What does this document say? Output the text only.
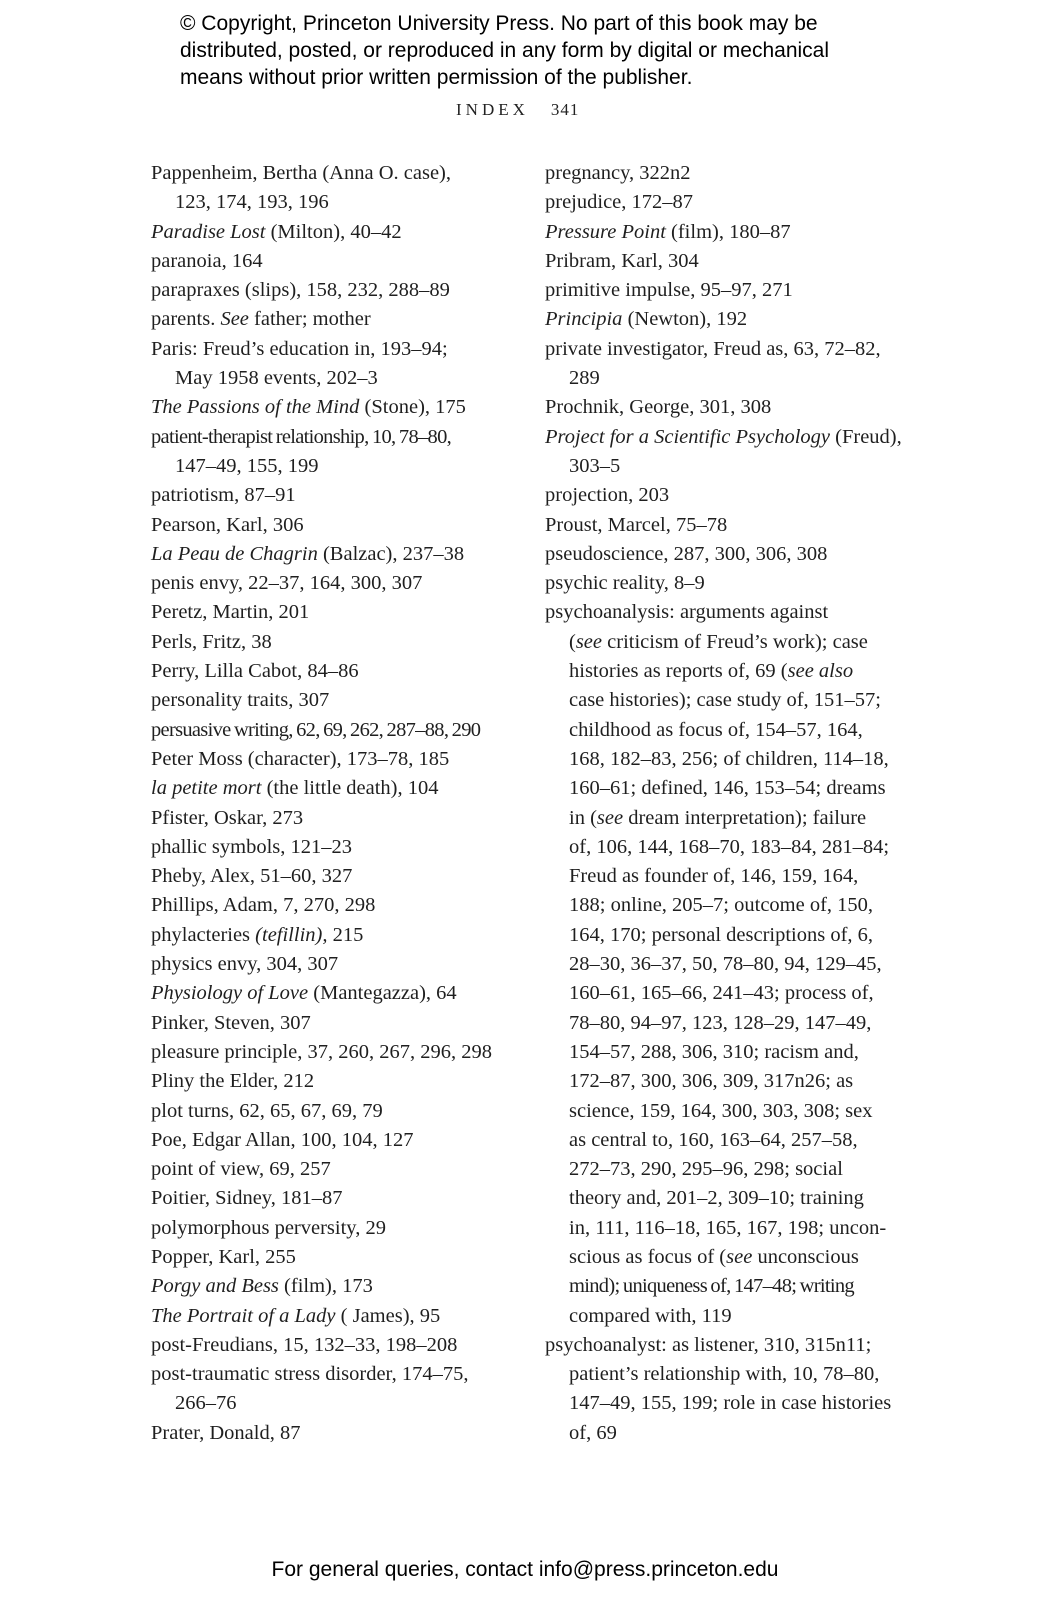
© Copyright, Princeton University Press. No part of this book may be
distributed, posted, or reproduced in any form by digital or mechanical
means without prior written permission of the publisher.
INDEX 341
Pappenheim, Bertha (Anna O. case),
123, 174, 193, 196
Paradise Lost (Milton), 40–42
paranoia, 164
parapraxes (slips), 158, 232, 288–89
parents. See father; mother
Paris: Freud’s education in, 193–94;
May 1958 events, 202–3
The Passions of the Mind (Stone), 175
patient-therapist relationship, 10, 78–80,
147–49, 155, 199
patriotism, 87–91
Pearson, Karl, 306
La Peau de Chagrin (Balzac), 237–38
penis envy, 22–37, 164, 300, 307
Peretz, Martin, 201
Perls, Fritz, 38
Perry, Lilla Cabot, 84–86
personality traits, 307
persuasive writing, 62, 69, 262, 287–88, 290
Peter Moss (character), 173–78, 185
la petite mort (the little death), 104
Pfister, Oskar, 273
phallic symbols, 121–23
Pheby, Alex, 51–60, 327
Phillips, Adam, 7, 270, 298
phylacteries (tefillin), 215
physics envy, 304, 307
Physiology of Love (Mantegazza), 64
Pinker, Steven, 307
pleasure principle, 37, 260, 267, 296, 298
Pliny the Elder, 212
plot turns, 62, 65, 67, 69, 79
Poe, Edgar Allan, 100, 104, 127
point of view, 69, 257
Poitier, Sidney, 181–87
polymorphous perversity, 29
Popper, Karl, 255
Porgy and Bess (film), 173
The Portrait of a Lady ( James), 95
post-Freudians, 15, 132–33, 198–208
post-traumatic stress disorder, 174–75,
266–76
Prater, Donald, 87
pregnancy, 322n2
prejudice, 172–87
Pressure Point (film), 180–87
Pribram, Karl, 304
primitive impulse, 95–97, 271
Principia (Newton), 192
private investigator, Freud as, 63, 72–82,
289
Prochnik, George, 301, 308
Project for a Scientific Psychology (Freud),
303–5
projection, 203
Proust, Marcel, 75–78
pseudoscience, 287, 300, 306, 308
psychic reality, 8–9
psychoanalysis: arguments against
(see criticism of Freud’s work); case
histories as reports of, 69 (see also
case histories); case study of, 151–57;
childhood as focus of, 154–57, 164,
168, 182–83, 256; of children, 114–18,
160–61; defined, 146, 153–54; dreams
in (see dream interpretation); failure
of, 106, 144, 168–70, 183–84, 281–84;
Freud as founder of, 146, 159, 164,
188; online, 205–7; outcome of, 150,
164, 170; personal descriptions of, 6,
28–30, 36–37, 50, 78–80, 94, 129–45,
160–61, 165–66, 241–43; process of,
78–80, 94–97, 123, 128–29, 147–49,
154–57, 288, 306, 310; racism and,
172–87, 300, 306, 309, 317n26; as
science, 159, 164, 300, 303, 308; sex
as central to, 160, 163–64, 257–58,
272–73, 290, 295–96, 298; social
theory and, 201–2, 309–10; training
in, 111, 116–18, 165, 167, 198; uncon-
scious as focus of (see unconscious
mind); uniqueness of, 147–48; writing
compared with, 119
psychoanalyst: as listener, 310, 315n11;
patient’s relationship with, 10, 78–80,
147–49, 155, 199; role in case histories
of, 69
For general queries, contact info@press.princeton.edu
